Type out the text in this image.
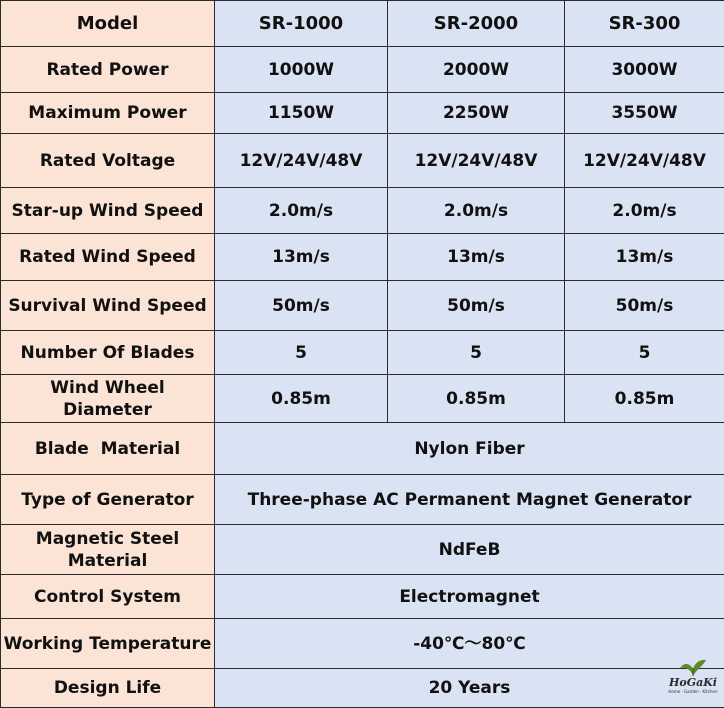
Model	SR-1000	SR-2000	SR-300
Rated Power	1000W	2000W	3000W
Maximum Power	1150W	2250W	3550W
Rated Voltage	12V/24V/48V	12V/24V/48V	12V/24V/48V
Star-up Wind Speed	2.0m/s	2.0m/s	2.0m/s
Rated Wind Speed	13m/s	13m/s	13m/s
Survival Wind Speed	50m/s	50m/s	50m/s
Number Of Blades	5	5	5
Wind Wheel Diameter	0.85m	0.85m	0.85m
Blade  Material	Nylon Fiber		
Type of Generator	Three-phase AC Permanent Magnet Generator		

Magnetic Steel
Material	NdFeB		
Control System	Electromagnet		
Working Temperature	-40℃～80℃		
Design Life	20 Years			HoGaKi
Home · Garden · Kitchen
